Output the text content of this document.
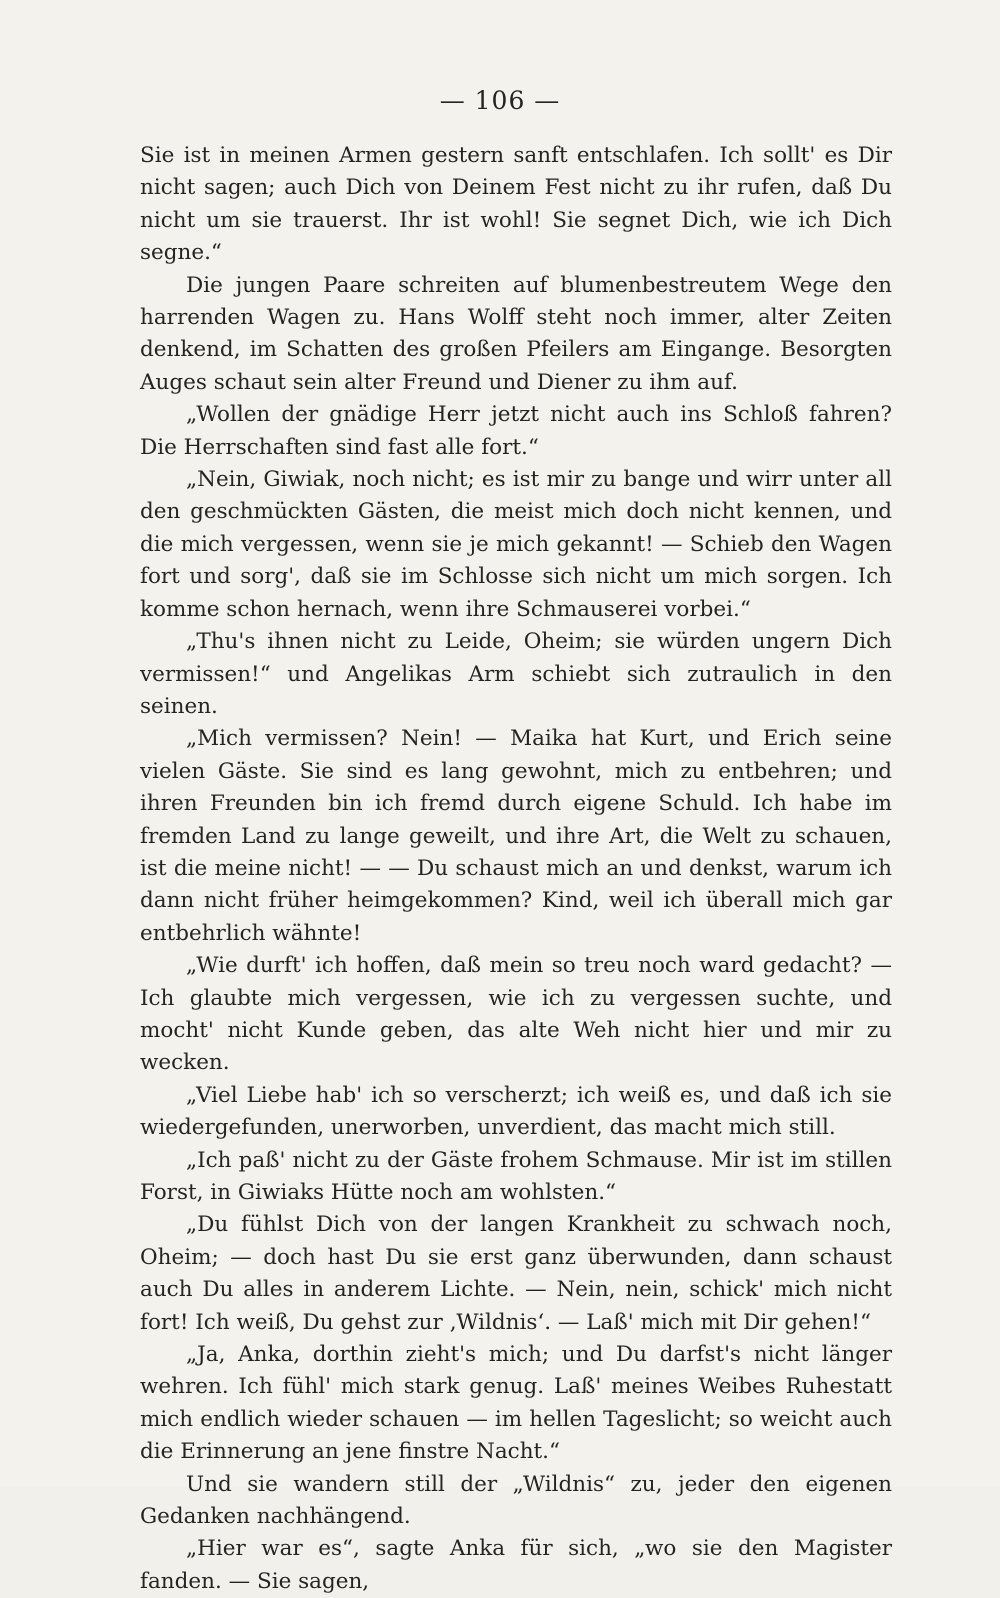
— 106 —

Sie ist in meinen Armen gestern sanft entschlafen. Ich sollt' es Dir nicht sagen; auch Dich von Deinem Fest nicht zu ihr rufen, daß Du nicht um sie trauerst. Ihr ist wohl! Sie segnet Dich, wie ich Dich segne.“

Die jungen Paare schreiten auf blumenbestreutem Wege den harrenden Wagen zu. Hans Wolff steht noch immer, alter Zeiten denkend, im Schatten des großen Pfeilers am Eingange. Besorgten Auges schaut sein alter Freund und Diener zu ihm auf.

„Wollen der gnädige Herr jetzt nicht auch ins Schloß fahren? Die Herrschaften sind fast alle fort.“

„Nein, Giwiak, noch nicht; es ist mir zu bange und wirr unter all den geschmückten Gästen, die meist mich doch nicht kennen, und die mich vergessen, wenn sie je mich gekannt! — Schieb den Wagen fort und sorg', daß sie im Schlosse sich nicht um mich sorgen. Ich komme schon hernach, wenn ihre Schmauserei vorbei.“

„Thu's ihnen nicht zu Leide, Oheim; sie würden ungern Dich vermissen!“ und Angelikas Arm schiebt sich zutraulich in den seinen.

„Mich vermissen? Nein! — Maika hat Kurt, und Erich seine vielen Gäste. Sie sind es lang gewohnt, mich zu entbehren; und ihren Freunden bin ich fremd durch eigene Schuld. Ich habe im fremden Land zu lange geweilt, und ihre Art, die Welt zu schauen, ist die meine nicht! — — Du schaust mich an und denkst, warum ich dann nicht früher heimgekommen? Kind, weil ich überall mich gar entbehrlich wähnte!

„Wie durft' ich hoffen, daß mein so treu noch ward gedacht? — Ich glaubte mich vergessen, wie ich zu vergessen suchte, und mocht' nicht Kunde geben, das alte Weh nicht hier und mir zu wecken.

„Viel Liebe hab' ich so verscherzt; ich weiß es, und daß ich sie wiedergefunden, unerworben, unverdient, das macht mich still.

„Ich paß' nicht zu der Gäste frohem Schmause. Mir ist im stillen Forst, in Giwiaks Hütte noch am wohlsten.“

„Du fühlst Dich von der langen Krankheit zu schwach noch, Oheim; — doch hast Du sie erst ganz überwunden, dann schaust auch Du alles in anderem Lichte. — Nein, nein, schick' mich nicht fort! Ich weiß, Du gehst zur ‚Wildnis‘. — Laß' mich mit Dir gehen!“

„Ja, Anka, dorthin zieht's mich; und Du darfst's nicht länger wehren. Ich fühl' mich stark genug. Laß' meines Weibes Ruhestatt mich endlich wieder schauen — im hellen Tageslicht; so weicht auch die Erinnerung an jene finstre Nacht.“

Und sie wandern still der „Wildnis“ zu, jeder den eigenen Gedanken nachhängend.

„Hier war es“, sagte Anka für sich, „wo sie den Magister fanden. — Sie sagen,
